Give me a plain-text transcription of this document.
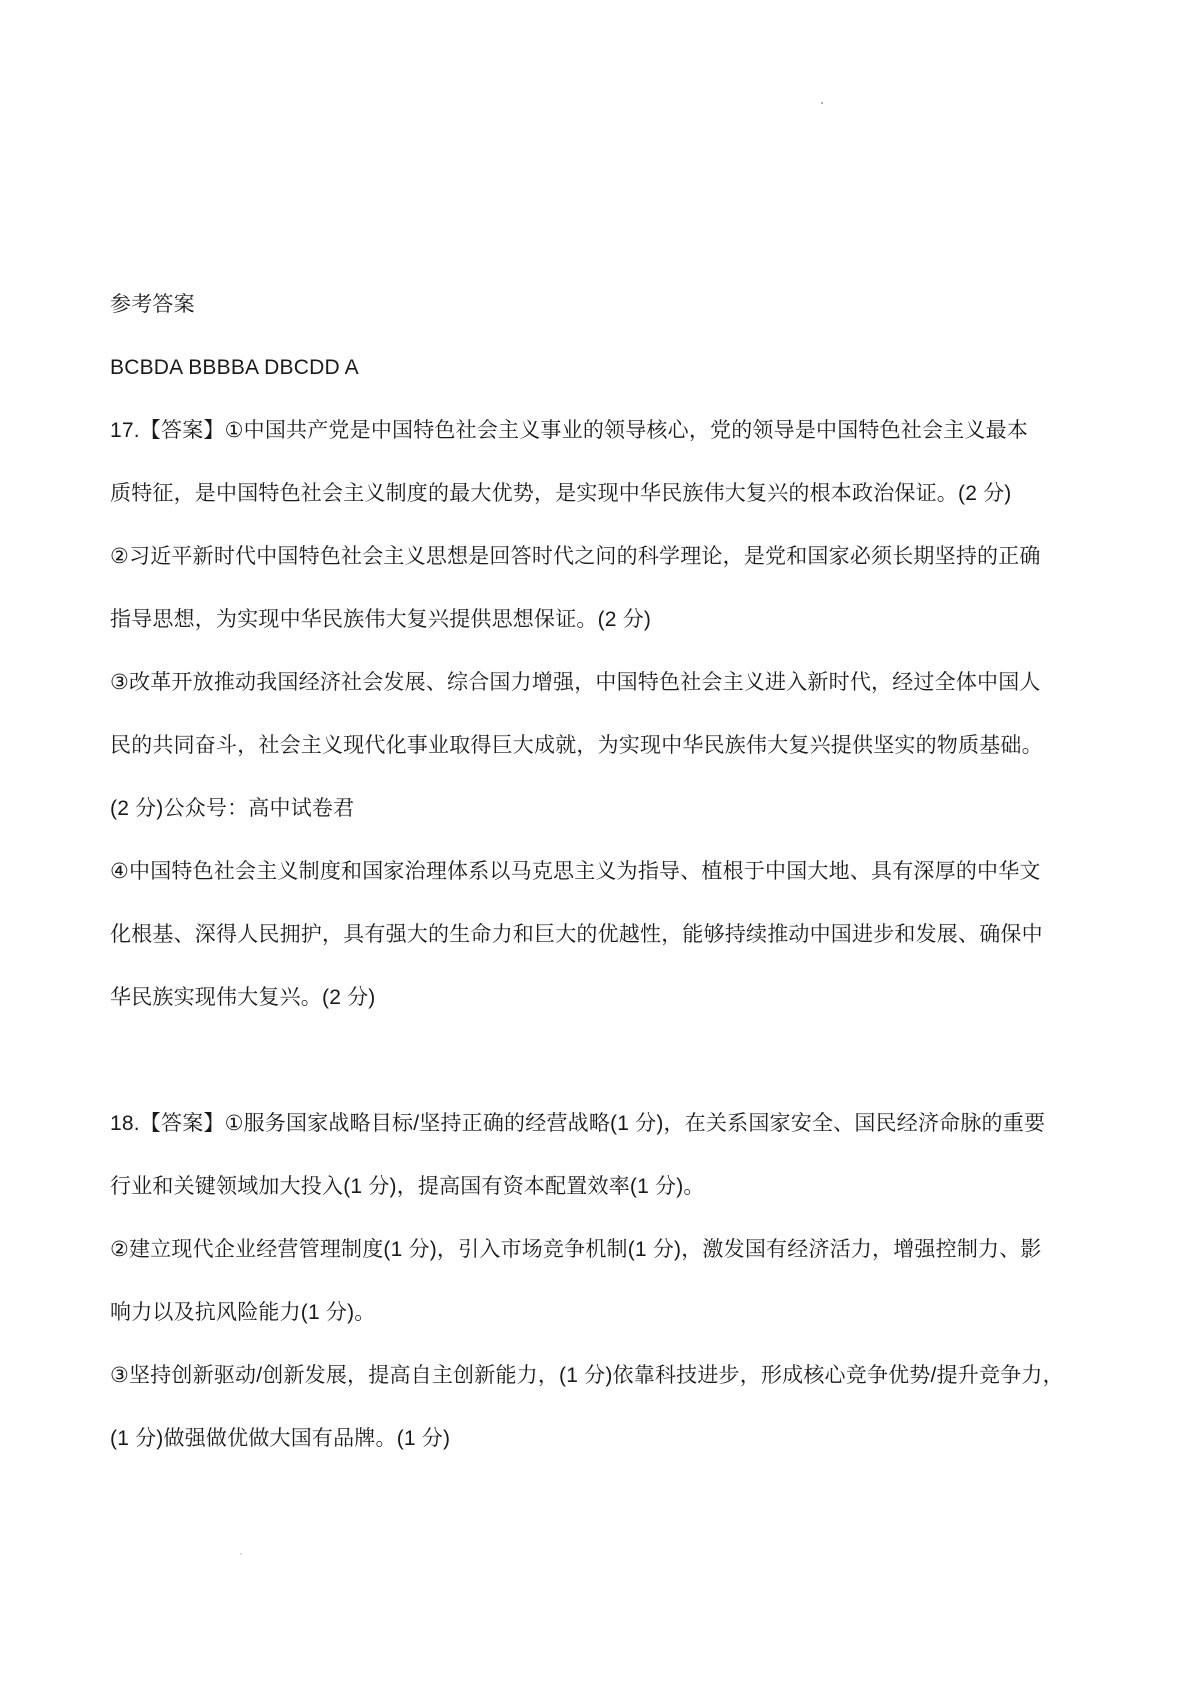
参考答案
BCBDA BBBBA DBCDD A
17.【答案】①中国共产党是中国特色社会主义事业的领导核心，党的领导是中国特色社会主义最本
质特征，是中国特色社会主义制度的最大优势，是实现中华民族伟大复兴的根本政治保证。(2 分)
②习近平新时代中国特色社会主义思想是回答时代之问的科学理论，是党和国家必须长期坚持的正确
指导思想，为实现中华民族伟大复兴提供思想保证。(2 分)
③改革开放推动我国经济社会发展、综合国力增强，中国特色社会主义进入新时代，经过全体中国人
民的共同奋斗，社会主义现代化事业取得巨大成就，为实现中华民族伟大复兴提供坚实的物质基础。
(2 分)公众号：高中试卷君
④中国特色社会主义制度和国家治理体系以马克思主义为指导、植根于中国大地、具有深厚的中华文
化根基、深得人民拥护，具有强大的生命力和巨大的优越性，能够持续推动中国进步和发展、确保中
华民族实现伟大复兴。(2 分)
18.【答案】①服务国家战略目标/坚持正确的经营战略(1 分)，在关系国家安全、国民经济命脉的重要
行业和关键领域加大投入(1 分)，提高国有资本配置效率(1 分)。
②建立现代企业经营管理制度(1 分)，引入市场竞争机制(1 分)，激发国有经济活力，增强控制力、影
响力以及抗风险能力(1 分)。
③坚持创新驱动/创新发展，提高自主创新能力，(1 分)依靠科技进步，形成核心竞争优势/提升竞争力，
(1 分)做强做优做大国有品牌。(1 分)
